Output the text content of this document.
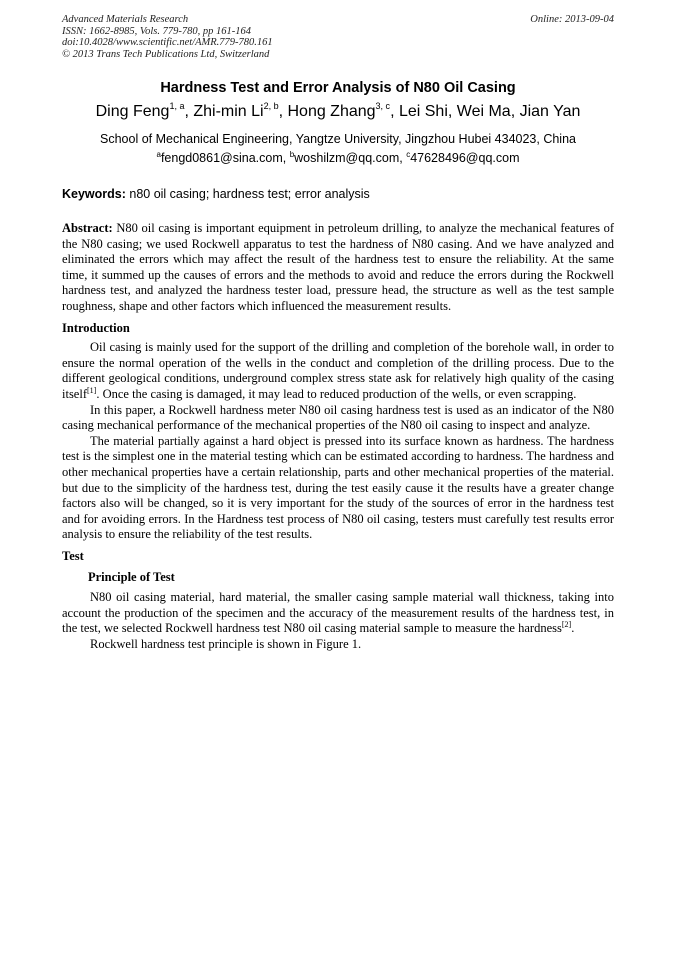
Advanced Materials Research
ISSN: 1662-8985, Vols. 779-780, pp 161-164
doi:10.4028/www.scientific.net/AMR.779-780.161
© 2013 Trans Tech Publications Ltd, Switzerland
Online: 2013-09-04
Hardness Test and Error Analysis of N80 Oil Casing
Ding Feng$^{1, a}$, Zhi-min Li$^{2, b}$, Hong Zhang$^{3, c}$, Lei Shi, Wei Ma, Jian Yan
School of Mechanical Engineering, Yangtze University, Jingzhou Hubei 434023, China
$^a$fengd0861@sina.com, $^b$woshilzm@qq.com, $^c$47628496@qq.com
Keywords: n80 oil casing; hardness test; error analysis

Abstract: N80 oil casing is important equipment in petroleum drilling, to analyze the mechanical features of the N80 casing; we used Rockwell apparatus to test the hardness of N80 casing. And we have analyzed and eliminated the errors which may affect the result of the hardness test to ensure the reliability. At the same time, it summed up the causes of errors and the methods to avoid and reduce the errors during the Rockwell hardness test, and analyzed the hardness tester load, pressure head, the structure as well as the test sample roughness, shape and other factors which influenced the measurement results.

Introduction

Oil casing is mainly used for the support of the drilling and completion of the borehole wall, in order to ensure the normal operation of the wells in the conduct and completion of the drilling process. Due to the different geological conditions, underground complex stress state ask for relatively high quality of the casing itself[1]. Once the casing is damaged, it may lead to reduced production of the wells, or even scrapping.

In this paper, a Rockwell hardness meter N80 oil casing hardness test is used as an indicator of the N80 casing mechanical performance of the mechanical properties of the N80 oil casing to inspect and analyze.

The material partially against a hard object is pressed into its surface known as hardness. The hardness test is the simplest one in the material testing which can be estimated according to hardness. The hardness and other mechanical properties have a certain relationship, parts and other mechanical properties of the material. but due to the simplicity of the hardness test, during the test easily cause it the results have a greater change factors also will be changed, so it is very important for the study of the sources of error in the hardness test and for avoiding errors. In the Hardness test process of N80 oil casing, testers must carefully test results error analysis to ensure the reliability of the test results.

Test
Principle of Test

N80 oil casing material, hard material, the smaller casing sample material wall thickness, taking into account the production of the specimen and the accuracy of the measurement results of the hardness test, in the test, we selected Rockwell hardness test N80 oil casing material sample to measure the hardness[2].

Rockwell hardness test principle is shown in Figure 1.
